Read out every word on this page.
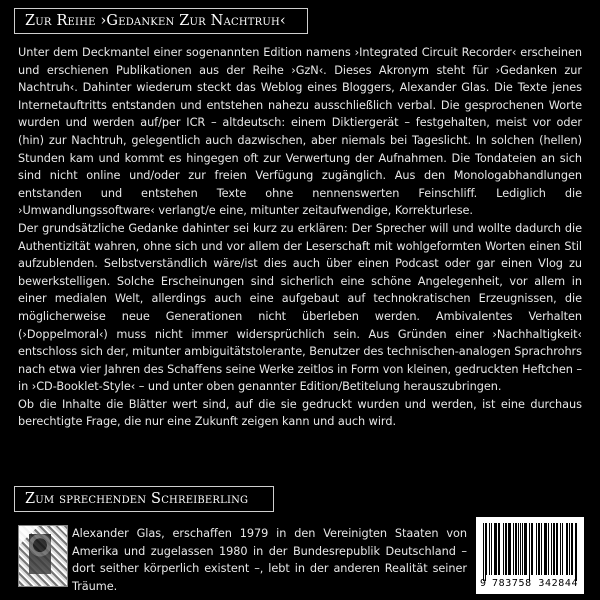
Zur Reihe ›Gedanken Zur Nachtruh‹

Unter dem Deckmantel einer sogenannten Edition namens ›Integrated Circuit Recorder‹ erscheinen und erschienen Publikationen aus der Reihe ›GzN‹. Dieses Akronym steht für ›Gedanken zur Nachtruh‹. Dahinter wiederum steckt das Weblog eines Bloggers, Alexander Glas. Die Texte jenes Internetauftritts entstanden und entstehen nahezu ausschließlich verbal. Die gesprochenen Worte wurden und werden auf/per ICR – altdeutsch: einem Diktiergerät – festgehalten, meist vor oder (hin) zur Nachtruh, gelegentlich auch dazwischen, aber niemals bei Tageslicht. In solchen (hellen) Stunden kam und kommt es hingegen oft zur Verwertung der Aufnahmen. Die Tondateien an sich sind nicht online und/oder zur freien Verfügung zugänglich. Aus den Monologabhandlungen entstanden und entstehen Texte ohne nennenswerten Feinschliff. Lediglich die ›Umwandlungssoftware‹ verlangt/e eine, mitunter zeitaufwendige, Korrekturlese.

Der grundsätzliche Gedanke dahinter sei kurz zu erklären: Der Sprecher will und wollte dadurch die Authentizität wahren, ohne sich und vor allem der Leserschaft mit wohlgeformten Worten einen Stil aufzublenden. Selbstverständlich wäre/ist dies auch über einen Podcast oder gar einen Vlog zu bewerkstelligen. Solche Erscheinungen sind sicherlich eine schöne Angelegenheit, vor allem in einer medialen Welt, allerdings auch eine aufgebaut auf technokratischen Erzeugnissen, die möglicherweise neue Generationen nicht überleben werden. Ambivalentes Verhalten (›Doppelmoral‹) muss nicht immer widersprüchlich sein. Aus Gründen einer ›Nachhaltigkeit‹ entschloss sich der, mitunter ambiguitätstolerante, Benutzer des technischen-analogen Sprachrohrs nach etwa vier Jahren des Schaffens seine Werke zeitlos in Form von kleinen, gedruckten Heftchen – in ›CD-Booklet-Style‹ – und unter oben genannter Edition/Betitelung herauszubringen.

Ob die Inhalte die Blätter wert sind, auf die sie gedruckt wurden und werden, ist eine durchaus berechtigte Frage, die nur eine Zukunft zeigen kann und auch wird.

Zum sprechenden Schreiberling
Alexander Glas, erschaffen 1979 in den Vereinigten Staaten von Amerika und zugelassen 1980 in der Bundesrepublik Deutschland – dort seither körperlich existent –, lebt in der anderen Realität seiner Träume.	9 783758 342844
